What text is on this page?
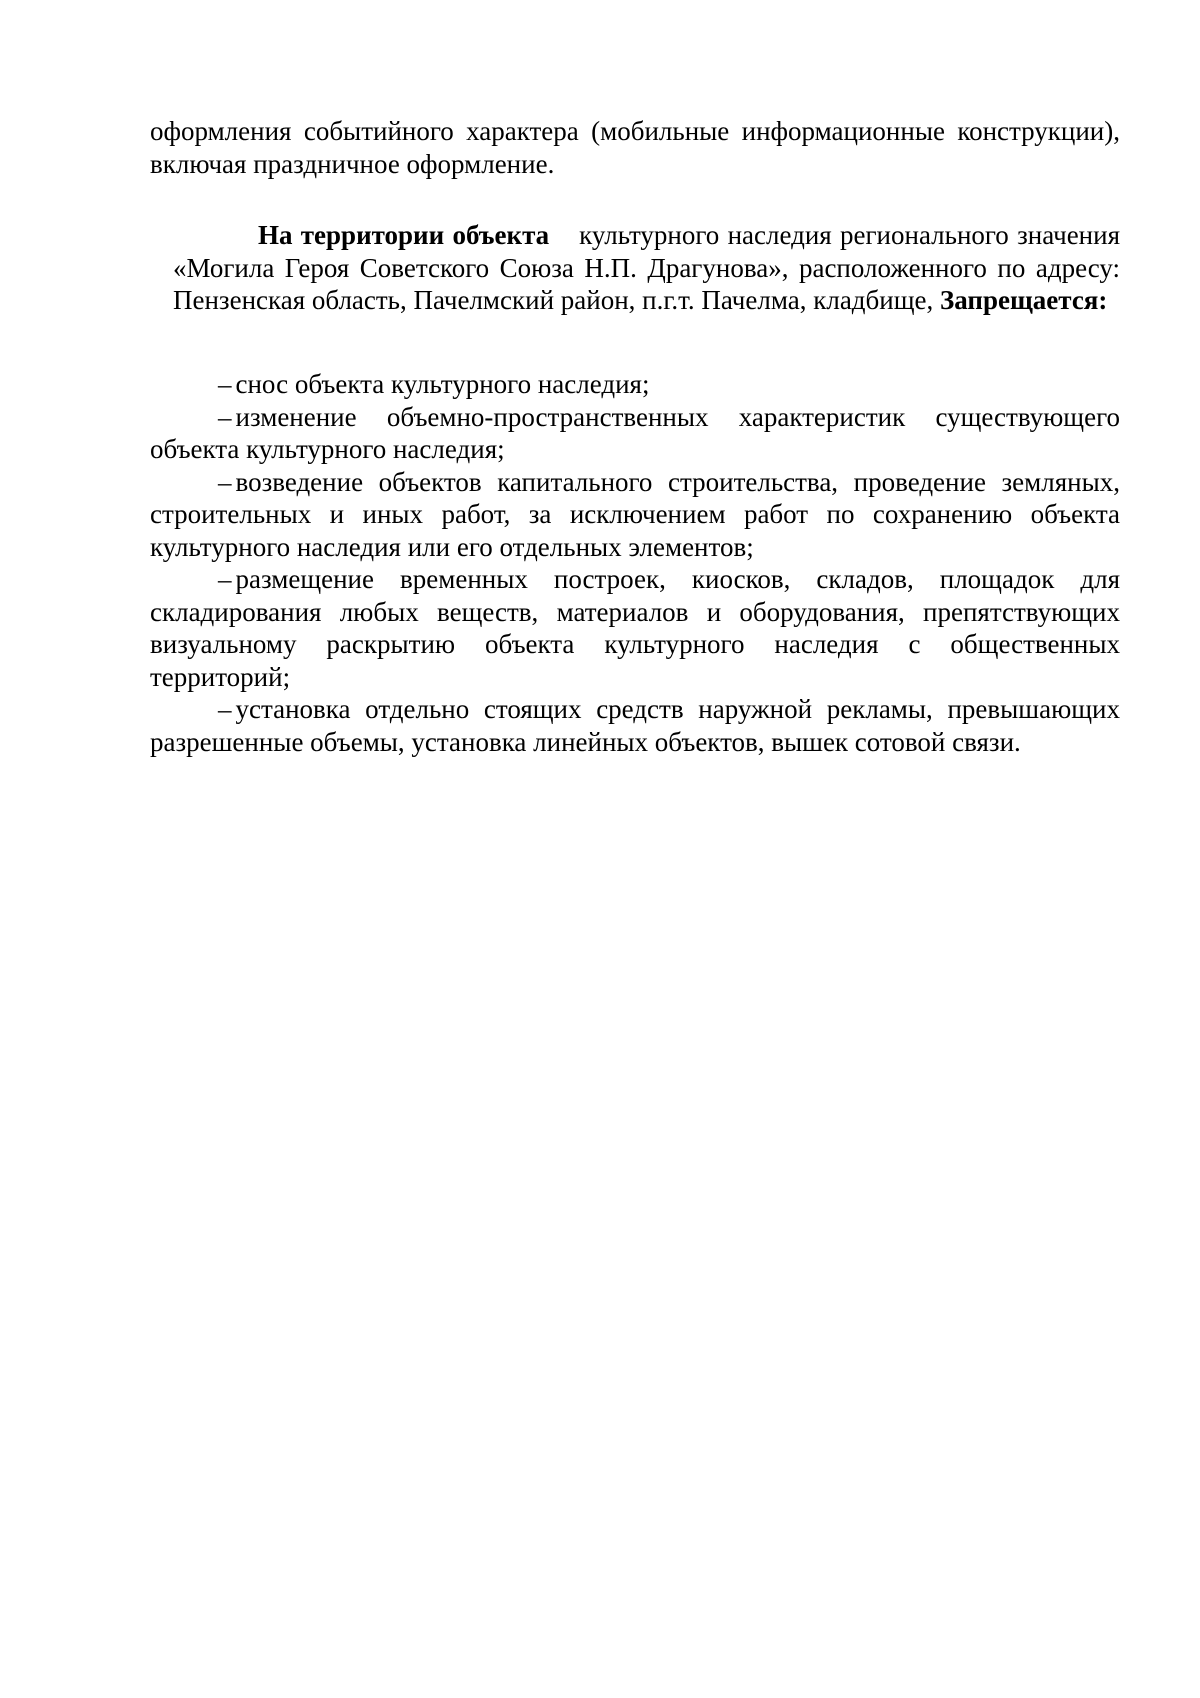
оформления событийного характера (мобильные информационные конструкции), включая праздничное оформление.

На территории объекта культурного наследия регионального значения «Могила Героя Советского Союза Н.П. Драгунова», расположенного по адресу: Пензенская область, Пачелмский район, п.г.т. Пачелма, кладбище, Запрещается:

– снос объекта культурного наследия;
– изменение объемно-пространственных характеристик существующего объекта культурного наследия;
– возведение объектов капитального строительства, проведение земляных, строительных и иных работ, за исключением работ по сохранению объекта культурного наследия или его отдельных элементов;
– размещение временных построек, киосков, складов, площадок для складирования любых веществ, материалов и оборудования, препятствующих визуальному раскрытию объекта культурного наследия с общественных территорий;
– установка отдельно стоящих средств наружной рекламы, превышающих разрешенные объемы, установка линейных объектов, вышек сотовой связи.
